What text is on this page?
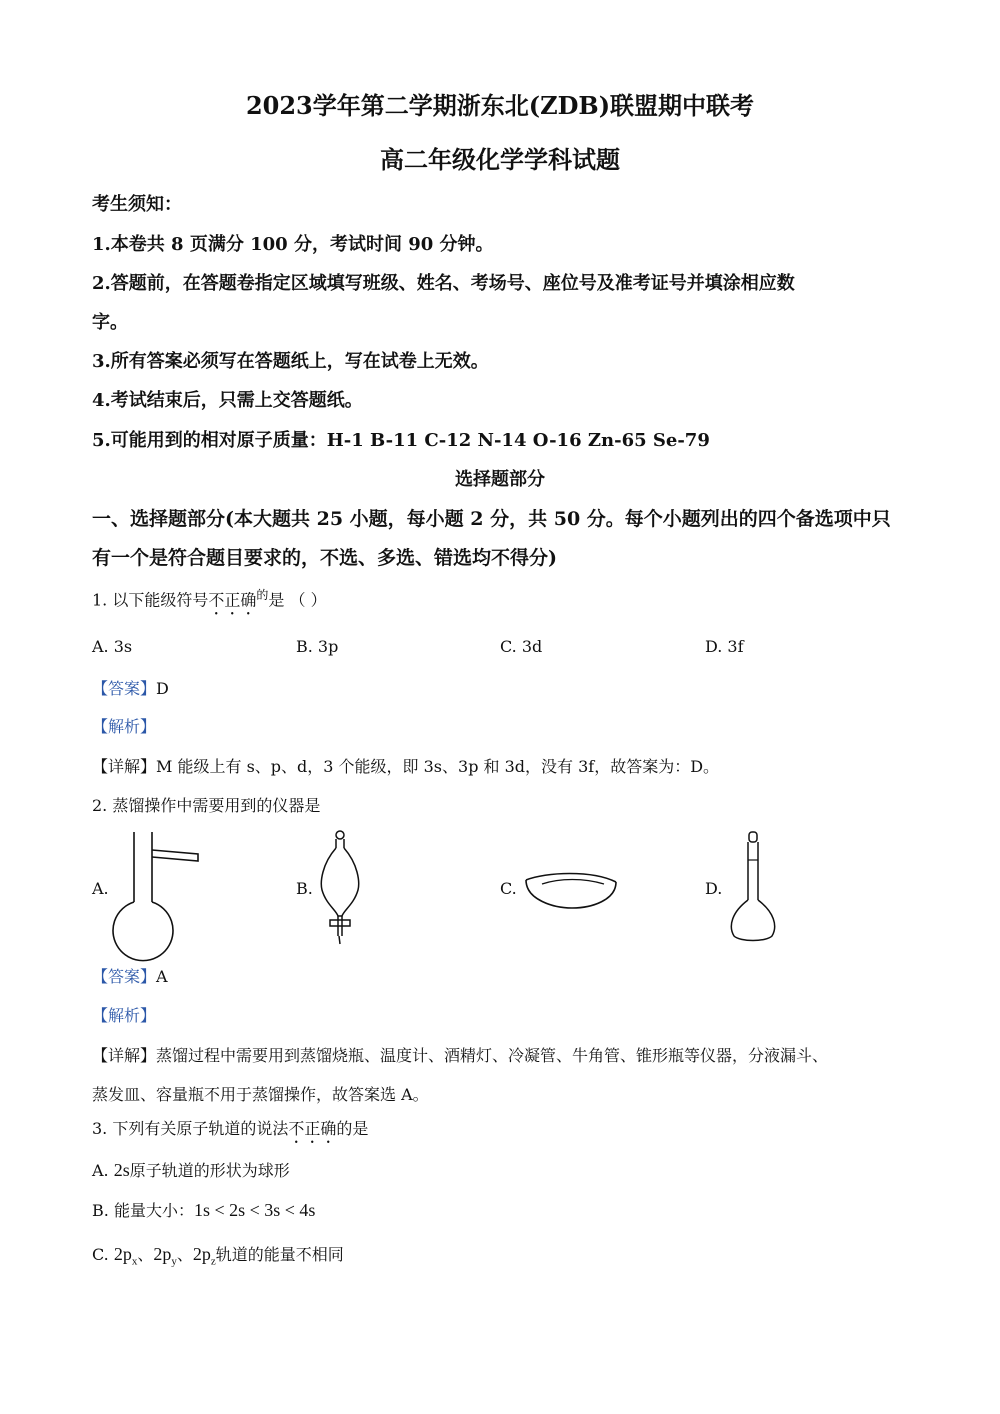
2023学年第二学期浙东北(ZDB)联盟期中联考
高二年级化学学科试题
考生须知：
1.本卷共 8 页满分 100 分，考试时间 90 分钟。
2.答题前，在答题卷指定区域填写班级、姓名、考场号、座位号及准考证号并填涂相应数
字。
3.所有答案必须写在答题纸上，写在试卷上无效。
4.考试结束后，只需上交答题纸。
5.可能用到的相对原子质量：H-1 B-11 C-12 N-14 O-16 Zn-65 Se-79
选择题部分
一、选择题部分(本大题共 25 小题，每小题 2 分，共 50 分。每个小题列出的四个备选项中只
有一个是符合题目要求的，不选、多选、错选均不得分)
1. 以下能级符号不正确$^的$是 （ ）
A. 3s	B. 3p	C. 3d	D. 3f
【答案】D
【解析】
【详解】M 能级上有 s、p、d，3 个能级，即 3s、3p 和 3d，没有 3f，故答案为：D。
2. 蒸馏操作中需要用到的仪器是
A.	B.	C.	D.
【答案】A
【解析】
【详解】蒸馏过程中需要用到蒸馏烧瓶、温度计、酒精灯、冷凝管、牛角管、锥形瓶等仪器，分液漏斗、
蒸发皿、容量瓶不用于蒸馏操作，故答案选 A。
3. 下列有关原子轨道的说法不正确的是
A. 2s原子轨道的形状为球形
B. 能量大小：1s < 2s < 3s < 4s
C. $2p_x$、$2p_y$、$2p_z$轨道的能量不相同
